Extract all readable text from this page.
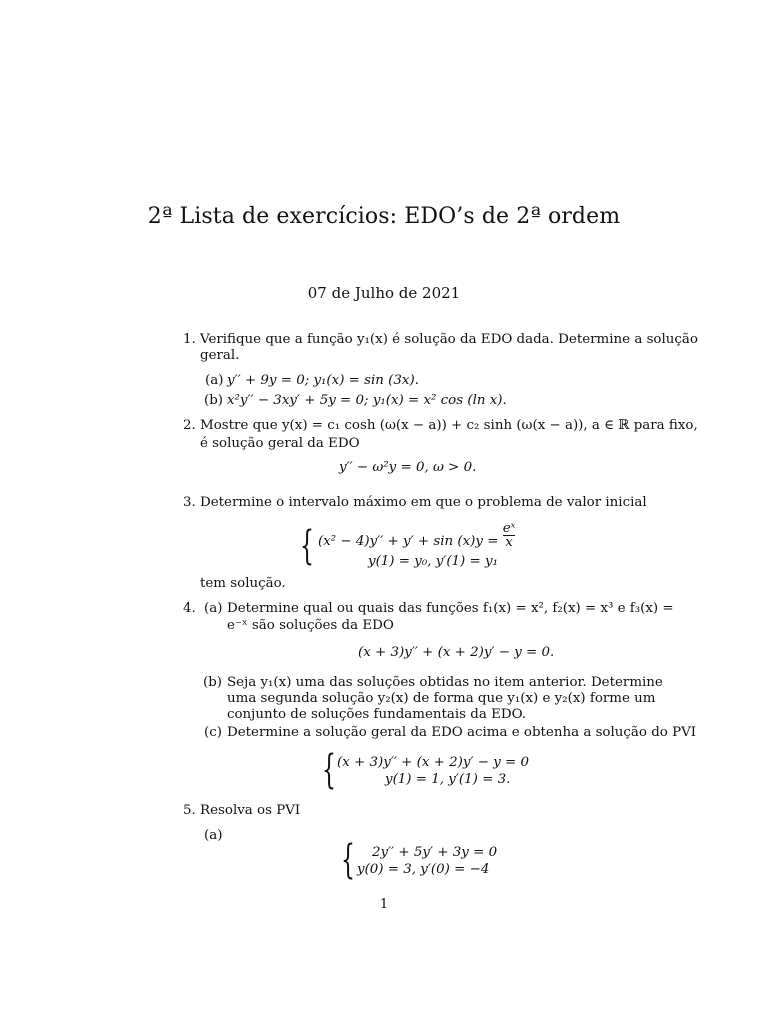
2ª Lista de exercícios: EDO’s de 2ª ordem
07 de Julho de 2021
1. Verifique que a função y₁(x) é solução da EDO dada. Determine a solução
geral.
(a) y′′ + 9y = 0; y₁(x) = sin (3x).
(b) x²y′′ − 3xy′ + 5y = 0; y₁(x) = x² cos (ln x).
2. Mostre que y(x) = c₁ cosh (ω(x − a)) + c₂ sinh (ω(x − a)), a ∈ ℝ para fixo,
é solução geral da EDO
y′′ − ω²y = 0, ω > 0.
3. Determine o intervalo máximo em que o problema de valor inicial
{ $(x^2 - 4)y'' + y' + \sin (x)y = \frac{\text{eˣ}}{x}$
y(1) = y₀, y′(1) = y₁
tem solução.
4. (a) Determine qual ou quais das funções f₁(x) = x², f₂(x) = x³ e f₃(x) =
e⁻ˣ são soluções da EDO
(x + 3)y′′ + (x + 2)y′ − y = 0.
(b) Seja y₁(x) uma das soluções obtidas no item anterior. Determine
uma segunda solução y₂(x) de forma que y₁(x) e y₂(x) forme um
conjunto de soluções fundamentais da EDO.
(c) Determine a solução geral da EDO acima e obtenha a solução do PVI
{ (x + 3)y′′ + (x + 2)y′ − y = 0
y(1) = 1, y′(1) = 3.
5. Resolva os PVI
(a)
{ 2y′′ + 5y′ + 3y = 0
y(0) = 3, y′(0) = −4
1
